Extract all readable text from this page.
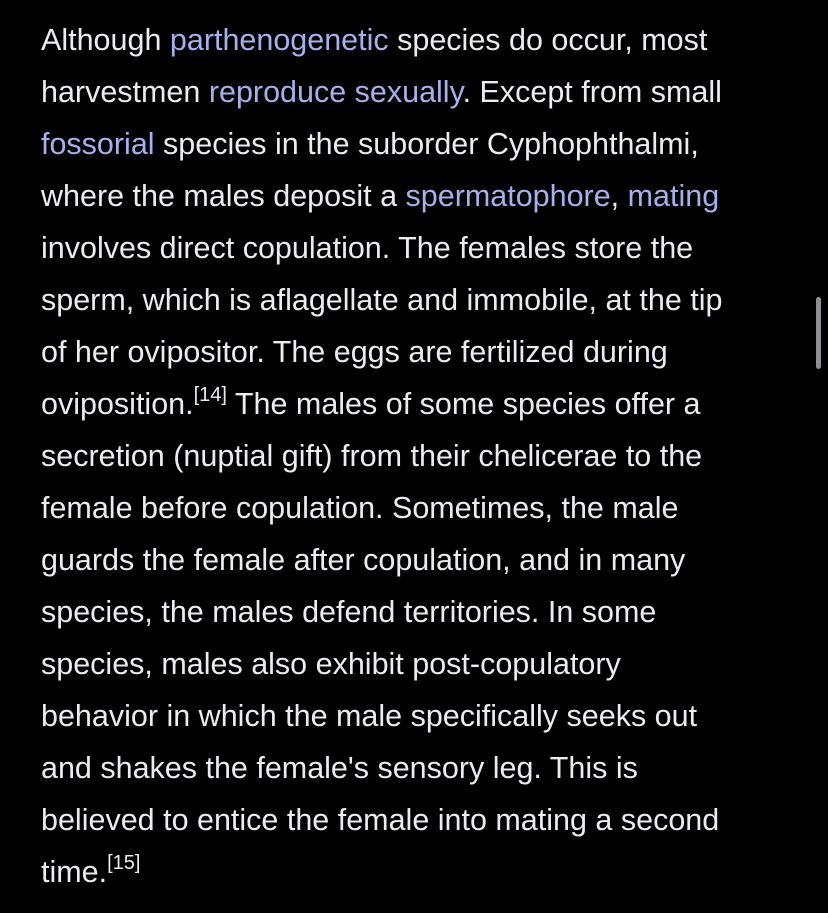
Although parthenogenetic species do occur, most
harvestmen reproduce sexually. Except from small
fossorial species in the suborder Cyphophthalmi,
where the males deposit a spermatophore, mating
involves direct copulation. The females store the
sperm, which is aflagellate and immobile, at the tip
of her ovipositor. The eggs are fertilized during
oviposition.[14] The males of some species offer a
secretion (nuptial gift) from their chelicerae to the
female before copulation. Sometimes, the male
guards the female after copulation, and in many
species, the males defend territories. In some
species, males also exhibit post-copulatory
behavior in which the male specifically seeks out
and shakes the female's sensory leg. This is
believed to entice the female into mating a second
time.[15]
